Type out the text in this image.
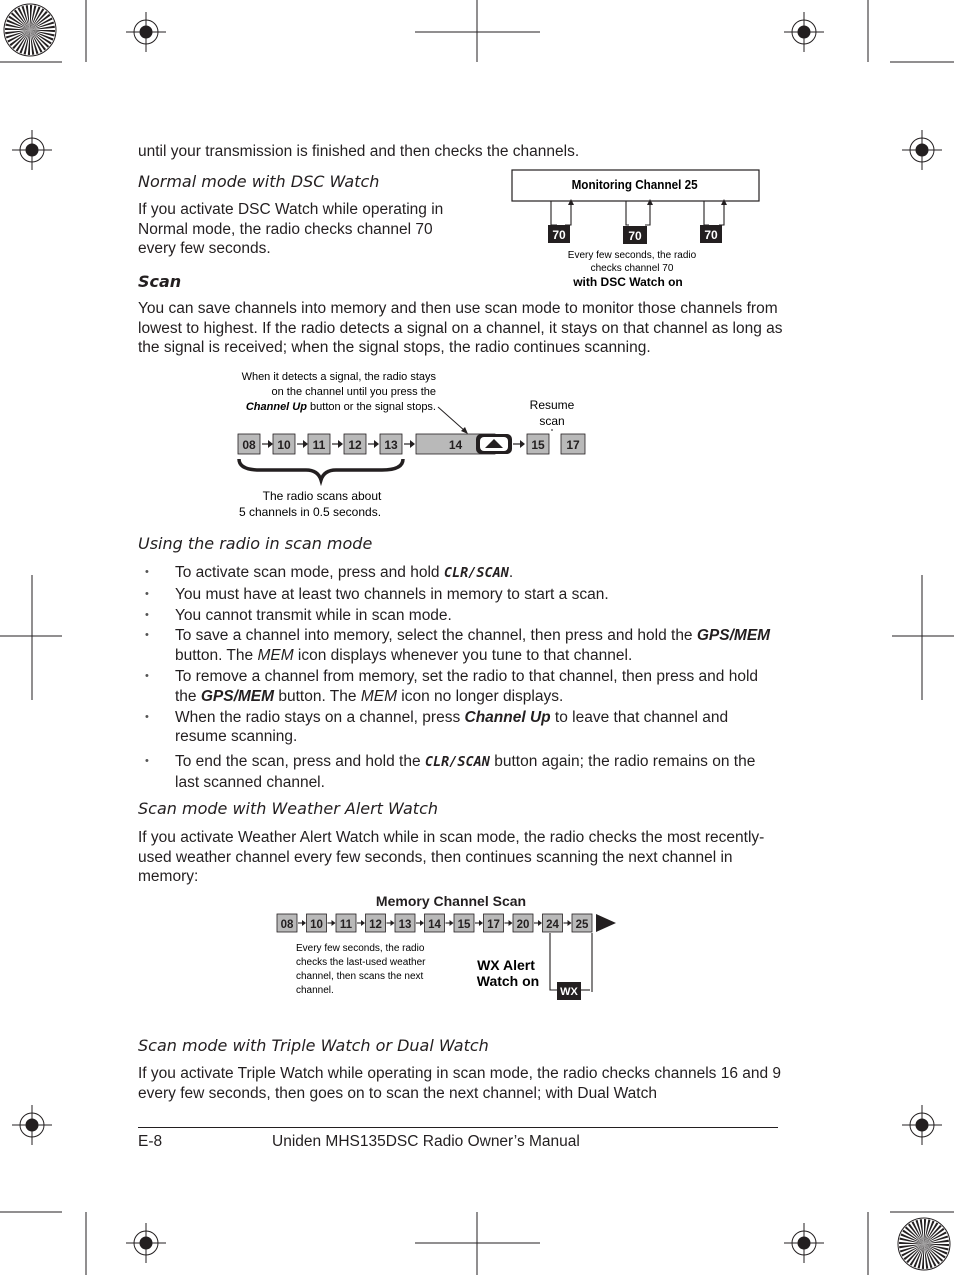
until your transmission is finished and then checks the channels.
Normal mode with DSC Watch
If you activate DSC Watch while operating in Normal mode, the radio checks channel 70 every few seconds.
Monitoring Channel 25
70	70	70
Every few seconds, the radio
checks channel 70
with DSC Watch on
Scan
You can save channels into memory and then use scan mode to monitor those channels from lowest to highest. If the radio detects a signal on a channel, it stays on that channel as long as the signal is received; when the signal stops, the radio continues scanning.
When it detects a signal, the radio stays
on the channel until you press the
Channel Up button or the signal stops.	Resume
scan
08 10 11 12 13	14	15 17
The radio scans about
5 channels in 0.5 seconds.
Using the radio in scan mode
• To activate scan mode, press and hold CLR/SCAN.
• You must have at least two channels in memory to start a scan.
• You cannot transmit while in scan mode.
• To save a channel into memory, select the channel, then press and hold the GPS/MEM button. The MEM icon displays whenever you tune to that channel.
• To remove a channel from memory, set the radio to that channel, then press and hold the GPS/MEM button. The MEM icon no longer displays.
• When the radio stays on a channel, press Channel Up to leave that channel and resume scanning.
• To end the scan, press and hold the CLR/SCAN button again; the radio remains on the last scanned channel.
Scan mode with Weather Alert Watch
If you activate Weather Alert Watch while in scan mode, the radio checks the most recently-used weather channel every few seconds, then continues scanning the next channel in memory:
Memory Channel Scan
08 10 11 12 13 14 15 17 20 24 25
WX
WX Alert
Watch on
Every few seconds, the radio
checks the last-used weather
channel, then scans the next
channel.
Scan mode with Triple Watch or Dual Watch
If you activate Triple Watch while operating in scan mode, the radio checks channels 16 and 9 every few seconds, then goes on to scan the next channel; with Dual Watch
E-8	Uniden MHS135DSC Radio Owner’s Manual
